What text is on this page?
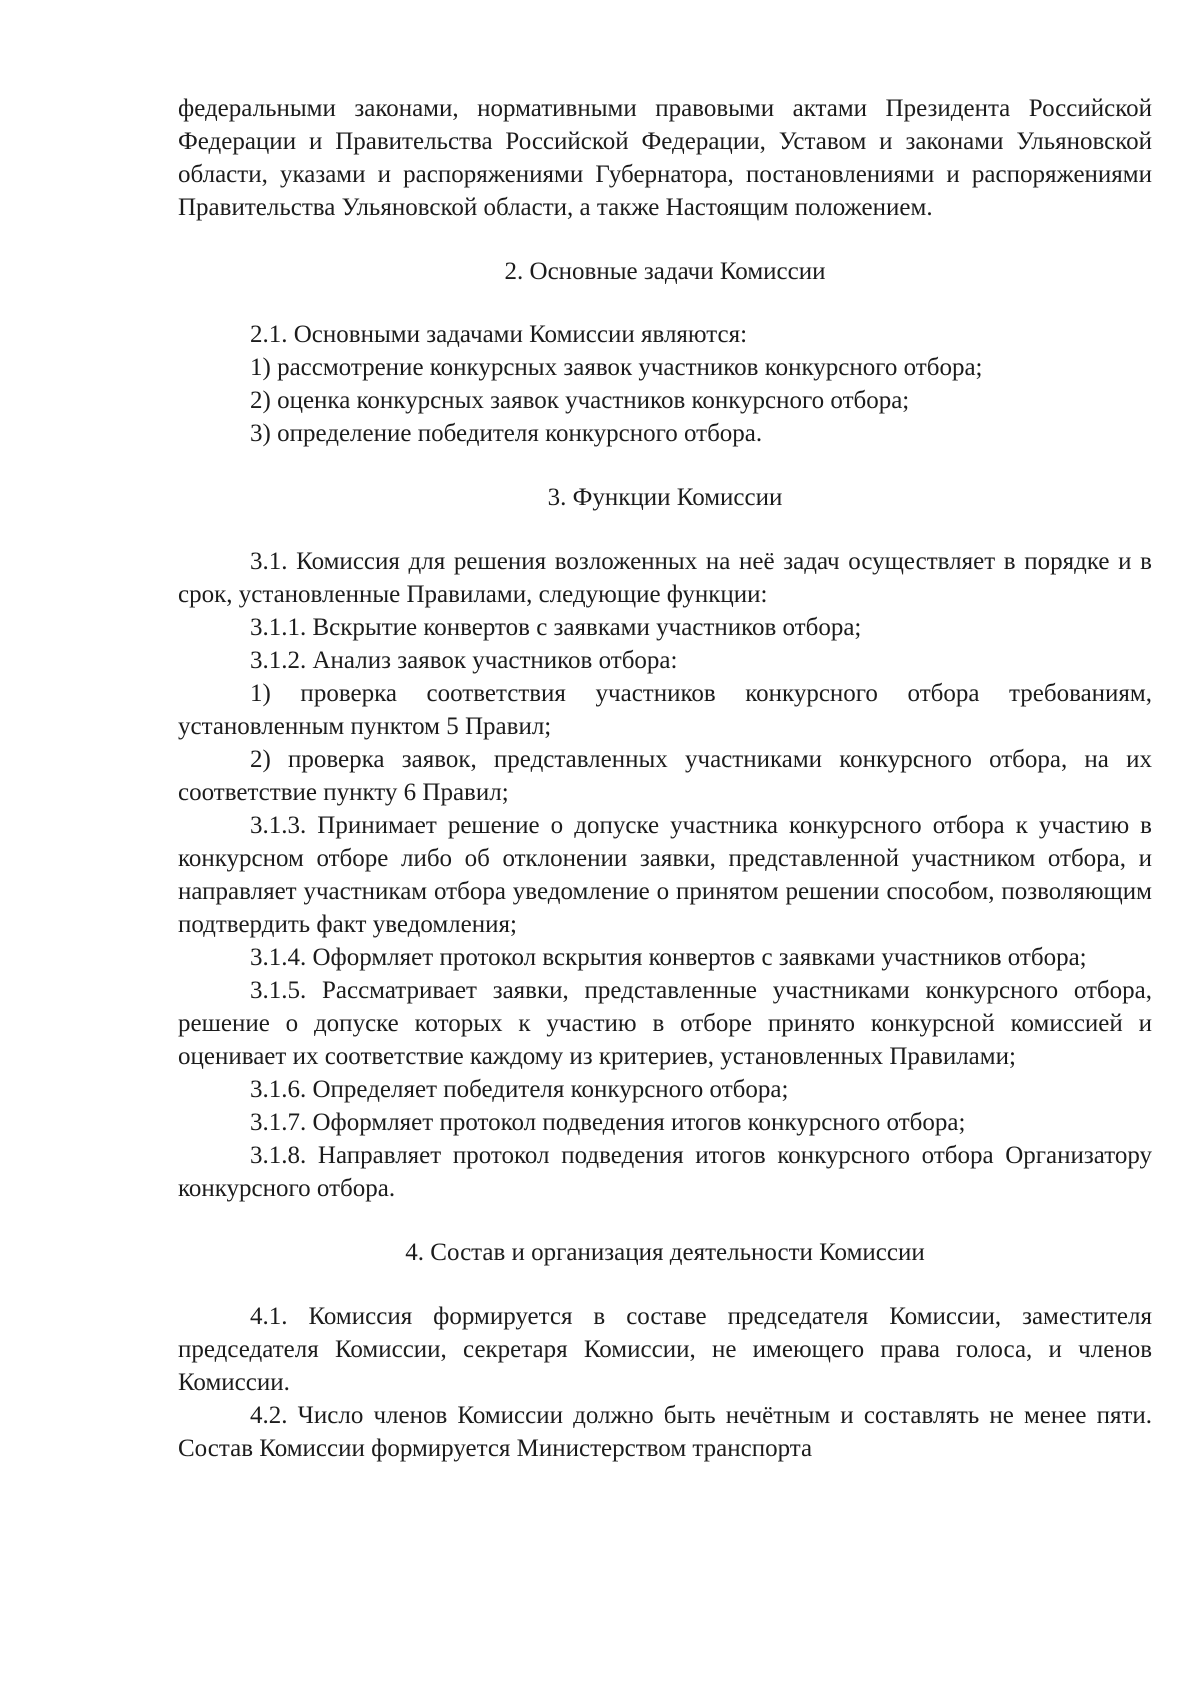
федеральными законами, нормативными правовыми актами Президента Российской Федерации и Правительства Российской Федерации, Уставом и законами Ульяновской области, указами и распоряжениями Губернатора, постановлениями и распоряжениями Правительства Ульяновской области, а также Настоящим положением.

2. Основные задачи Комиссии

2.1. Основными задачами Комиссии являются:

1) рассмотрение конкурсных заявок участников конкурсного отбора;

2) оценка конкурсных заявок участников конкурсного отбора;

3) определение победителя конкурсного отбора.

3. Функции Комиссии

3.1. Комиссия для решения возложенных на неё задач осуществляет в порядке и в срок, установленные Правилами, следующие функции:

3.1.1. Вскрытие конвертов с заявками участников отбора;

3.1.2. Анализ заявок участников отбора:

1) проверка соответствия участников конкурсного отбора требованиям, установленным пунктом 5 Правил;

2) проверка заявок, представленных участниками конкурсного отбора, на их соответствие пункту 6 Правил;

3.1.3. Принимает решение о допуске участника конкурсного отбора к участию в конкурсном отборе либо об отклонении заявки, представленной участником отбора, и направляет участникам отбора уведомление о принятом решении способом, позволяющим подтвердить факт уведомления;

3.1.4. Оформляет протокол вскрытия конвертов с заявками участников отбора;

3.1.5. Рассматривает заявки, представленные участниками конкурсного отбора, решение о допуске которых к участию в отборе принято конкурсной комиссией и оценивает их соответствие каждому из критериев, установленных Правилами;

3.1.6. Определяет победителя конкурсного отбора;

3.1.7. Оформляет протокол подведения итогов конкурсного отбора;

3.1.8. Направляет протокол подведения итогов конкурсного отбора Организатору конкурсного отбора.

4. Состав и организация деятельности Комиссии

4.1. Комиссия формируется в составе председателя Комиссии, заместителя председателя Комиссии, секретаря Комиссии, не имеющего права голоса, и членов Комиссии.

4.2. Число членов Комиссии должно быть нечётным и составлять не менее пяти. Состав Комиссии формируется Министерством транспорта
